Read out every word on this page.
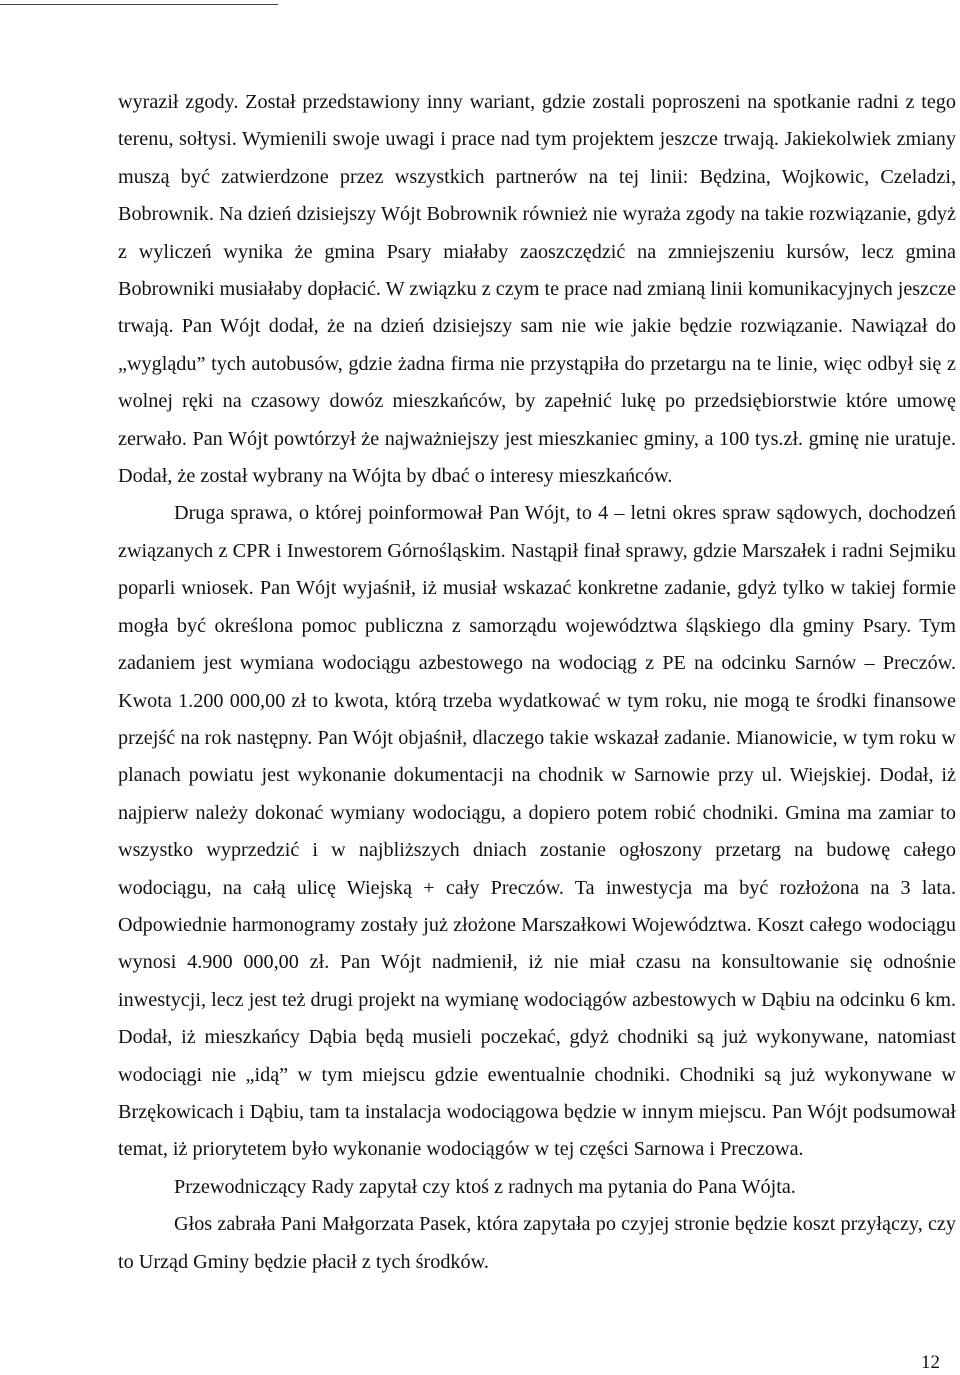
wyraził zgody. Został przedstawiony inny wariant, gdzie zostali poproszeni na spotkanie radni z tego terenu, sołtysi. Wymienili swoje uwagi i prace nad tym projektem jeszcze trwają. Jakiekolwiek zmiany muszą być zatwierdzone przez wszystkich partnerów na tej linii: Będzina, Wojkowic, Czeladzi, Bobrownik. Na dzień dzisiejszy Wójt Bobrownik również nie wyraża zgody na takie rozwiązanie, gdyż z wyliczeń wynika że gmina Psary miałaby zaoszczędzić na zmniejszeniu kursów, lecz gmina Bobrowniki musiałaby dopłacić. W związku z czym te prace nad zmianą linii komunikacyjnych jeszcze trwają. Pan Wójt dodał, że na dzień dzisiejszy sam nie wie jakie będzie rozwiązanie. Nawiązał do „wyglądu” tych autobusów, gdzie żadna firma nie przystąpiła do przetargu na te linie, więc odbył się z wolnej ręki na czasowy dowóz mieszkańców, by zapełnić lukę po przedsiębiorstwie które umowę zerwało. Pan Wójt powtórzył że najważniejszy jest mieszkaniec gminy, a 100 tys.zł. gminę nie uratuje. Dodał, że został wybrany na Wójta by dbać o interesy mieszkańców.

Druga sprawa, o której poinformował Pan Wójt, to 4 – letni okres spraw sądowych, dochodzeń związanych z CPR i Inwestorem Górnośląskim. Nastąpił finał sprawy, gdzie Marszałek i radni Sejmiku poparli wniosek. Pan Wójt wyjaśnił, iż musiał wskazać konkretne zadanie, gdyż tylko w takiej formie mogła być określona pomoc publiczna z samorządu województwa śląskiego dla gminy Psary. Tym zadaniem jest wymiana wodociągu azbestowego na wodociąg z PE na odcinku Sarnów – Preczów. Kwota 1.200 000,00 zł to kwota, którą trzeba wydatkować w tym roku, nie mogą te środki finansowe przejść na rok następny. Pan Wójt objaśnił, dlaczego takie wskazał zadanie. Mianowicie, w tym roku w planach powiatu jest wykonanie dokumentacji na chodnik w Sarnowie przy ul. Wiejskiej. Dodał, iż najpierw należy dokonać wymiany wodociągu, a dopiero potem robić chodniki. Gmina ma zamiar to wszystko wyprzedzić i w najbliższych dniach zostanie ogłoszony przetarg na budowę całego wodociągu, na całą ulicę Wiejską + cały Preczów. Ta inwestycja ma być rozłożona na 3 lata. Odpowiednie harmonogramy zostały już złożone Marszałkowi Województwa. Koszt całego wodociągu wynosi 4.900 000,00 zł. Pan Wójt nadmienił, iż nie miał czasu na konsultowanie się odnośnie inwestycji, lecz jest też drugi projekt na wymianę wodociągów azbestowych w Dąbiu na odcinku 6 km. Dodał, iż mieszkańcy Dąbia będą musieli poczekać, gdyż chodniki są już wykonywane, natomiast wodociągi nie „idą” w tym miejscu gdzie ewentualnie chodniki. Chodniki są już wykonywane w Brzękowicach i Dąbiu, tam ta instalacja wodociągowa będzie w innym miejscu. Pan Wójt podsumował temat, iż priorytetem było wykonanie wodociągów w tej części Sarnowa i Preczowa.

Przewodniczący Rady zapytał czy ktoś z radnych ma pytania do Pana Wójta.

Głos zabrała Pani Małgorzata Pasek, która zapytała po czyjej stronie będzie koszt przyłączy, czy to Urząd Gminy będzie płacił z tych środków.

12
